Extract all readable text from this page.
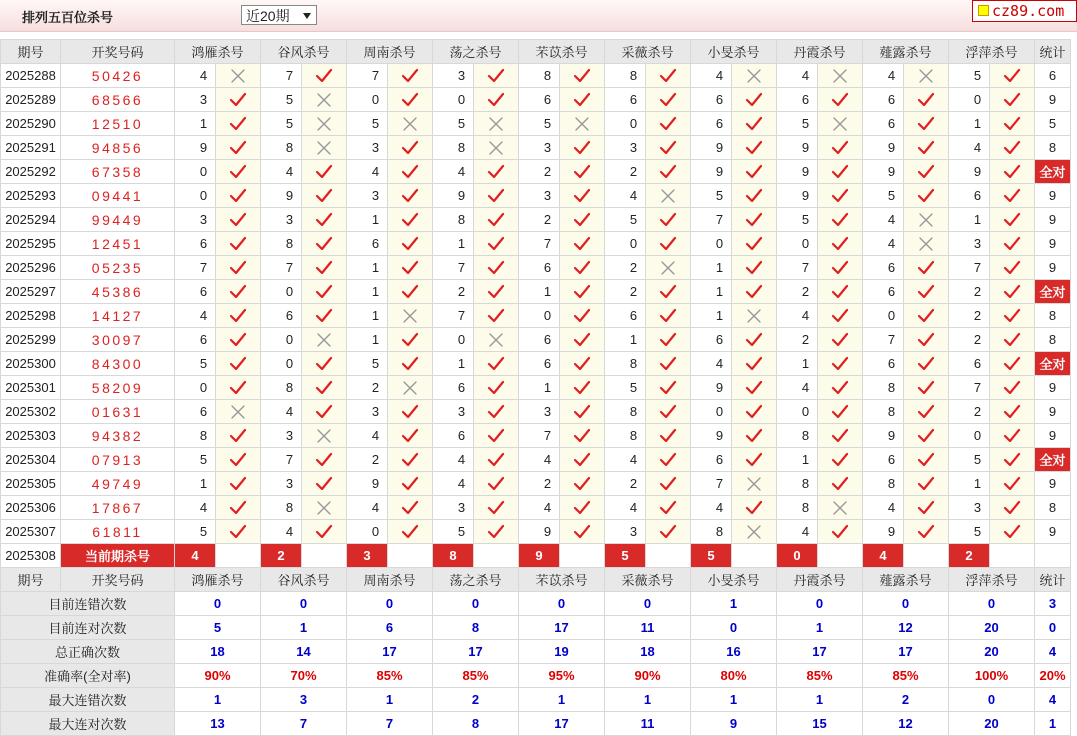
排列五百位杀号	近20期	cz89.com
期号	开奖号码	鸿雁杀号		谷风杀号		周南杀号		荡之杀号		芣苡杀号		采薇杀号		小旻杀号		丹霞杀号		薤露杀号		浮萍杀号		统计
2025288	50426	4		7		7		3		8		8		4		4		4		5		6
2025289	68566	3		5		0		0		6		6		6		6		6		0		9
2025290	12510	1		5		5		5		5		0		6		5		6		1		5
2025291	94856	9		8		3		8		3		3		9		9		9		4		8
2025292	67358	0		4		4		4		2		2		9		9		9		9		全对
2025293	09441	0		9		3		9		3		4		5		9		5		6		9
2025294	99449	3		3		1		8		2		5		7		5		4		1		9
2025295	12451	6		8		6		1		7		0		0		0		4		3		9
2025296	05235	7		7		1		7		6		2		1		7		6		7		9
2025297	45386	6		0		1		2		1		2		1		2		6		2		全对
2025298	14127	4		6		1		7		0		6		1		4		0		2		8
2025299	30097	6		0		1		0		6		1		6		2		7		2		8
2025300	84300	5		0		5		1		6		8		4		1		6		6		全对
2025301	58209	0		8		2		6		1		5		9		4		8		7		9
2025302	01631	6		4		3		3		3		8		0		0		8		2		9
2025303	94382	8		3		4		6		7		8		9		8		9		0		9
2025304	07913	5		7		2		4		4		4		6		1		6		5		全对
2025305	49749	1		3		9		4		2		2		7		8		8		1		9
2025306	17867	4		8		4		3		4		4		4		8		4		3		8
2025307	61811	5		4		0		5		9		3		8		4		9		5		9
2025308	当前期杀号	4		2		3		8		9		5		5		0		4		2		
期号	开奖号码	鸿雁杀号		谷风杀号		周南杀号		荡之杀号		芣苡杀号		采薇杀号		小旻杀号		丹霞杀号		薤露杀号		浮萍杀号		统计
目前连错次数		0		0		0		0		0		0		1		0		0		0		3
目前连对次数		5		1		6		8		17		11		0		1		12		20		0
总正确次数		18		14		17		17		19		18		16		17		17		20		4
准确率(全对率)		90%		70%		85%		85%		95%		90%		80%		85%		85%		100%		20%
最大连错次数		1		3		1		2		1		1		1		1		2		0		4
最大连对次数		13		7		7		8		17		11		9		15		12		20		1
